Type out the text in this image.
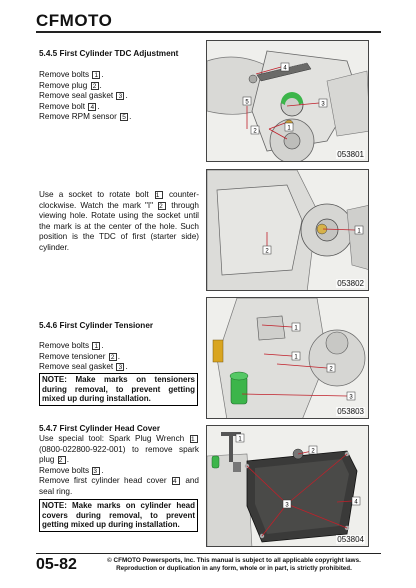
CFMOTO
5.4.5 First Cylinder TDC Adjustment
Remove bolts 1 .
Remove plug 2 .
Remove seal gasket 3 .
Remove bolt 4 .
Remove RPM sensor 5 .
Use a socket to rotate bolt 1 counter-
clockwise. Watch the mark "I" 2 through
viewing hole. Rotate using the socket until
the mark is at the center of the hole. Such
position is the TDC of first (starter side)
cylinder.
5.4.6 First Cylinder Tensioner
Remove bolts 1 .
Remove tensioner 2 .
Remove seal gasket 3 .
NOTE: Make marks on tensioners
during removal, to prevent getting
mixed up during installation.
5.4.7 First Cylinder Head Cover
Use special tool: Spark Plug Wrench 1
(0800-022800-922-001) to remove spark
plug 2 .
Remove bolts 3 .
Remove first cylinder head cover 4 and
seal ring.
NOTE: Make marks on cylinder head
covers during removal, to prevent
getting mixed up during installation.
4
3
5
2	1
053801
1
2
053802
1
1
2
3
053803
1
2
3	4
053804
05-82	© CFMOTO Powersports, Inc. This manual is subject to all applicable copyright laws.
Reproduction or duplication in any form, whole or in part, is strictly prohibited.
